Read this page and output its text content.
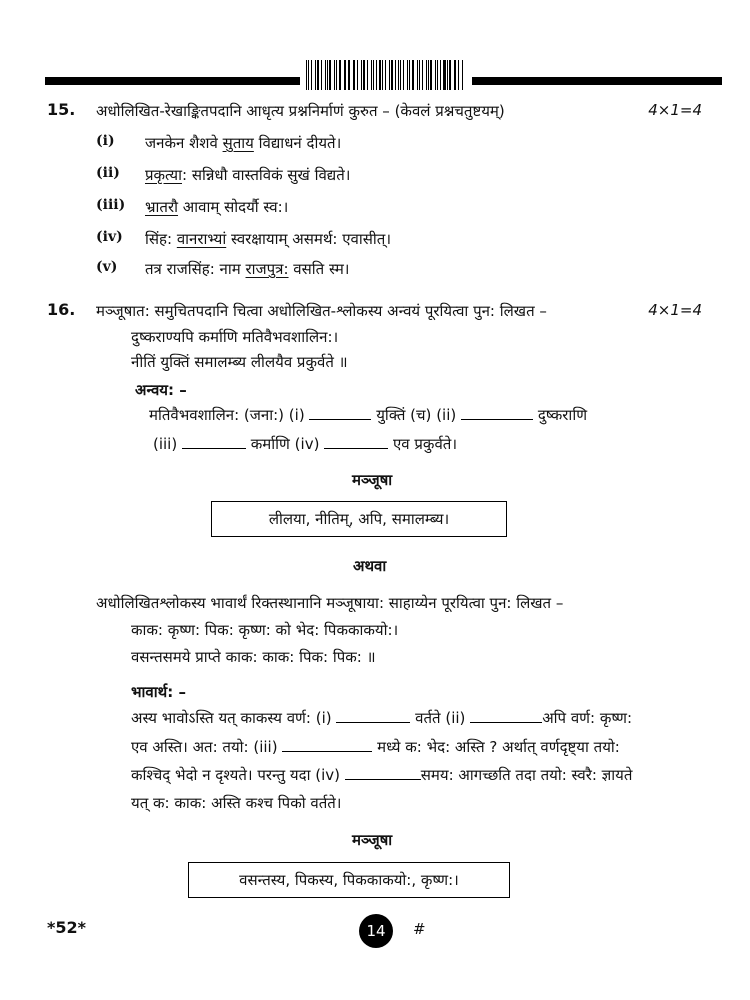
15. अधोलिखित-रेखाङ्कितपदानि आधृत्य प्रश्ननिर्माणं कुरुत – (केवलं प्रश्नचतुष्टयम्)	4×1=4
(i) जनकेन शैशवे सुताय विद्याधनं दीयते।
(ii) प्रकृत्या: सन्निधौ वास्तविकं सुखं विद्यते।
(iii) भ्रातरौ आवाम् सोदर्यौ स्व:।
(iv) सिंह: वानराभ्यां स्वरक्षायाम् असमर्थ: एवासीत्।
(v) तत्र राजसिंह: नाम राजपुत्र: वसति स्म।
16. मञ्जूषात: समुचितपदानि चित्वा अधोलिखित-श्लोकस्य अन्वयं पूरयित्वा पुन: लिखत –	4×1=4
दुष्कराण्यपि कर्माणि मतिवैभवशालिन:।
नीतिं युक्तिं समालम्ब्य लीलयैव प्रकुर्वते ॥
अन्वय: –
मतिवैभवशालिन: (जना:) (i)	युक्तिं (च) (ii)	दुष्कराणि
(iii)	कर्माणि (iv)	एव प्रकुर्वते।
मञ्जूषा
लीलया, नीतिम्, अपि, समालम्ब्य।
अथवा
अधोलिखितश्लोकस्य भावार्थं रिक्तस्थानानि मञ्जूषाया: साहाय्येन पूरयित्वा पुन: लिखत –
काक: कृष्ण: पिक: कृष्ण: को भेद: पिककाकयो:।
वसन्तसमये प्राप्ते काक: काक: पिक: पिक: ॥
भावार्थ: –
अस्य भावोऽस्ति यत् काकस्य वर्ण: (i)	वर्तते (ii)	अपि वर्ण: कृष्ण:
एव अस्ति। अत: तयो: (iii)	मध्ये क: भेद: अस्ति ? अर्थात् वर्णदृष्ट्या तयो:
कश्चिद् भेदो न दृश्यते। परन्तु यदा (iv)	समय: आगच्छति तदा तयो: स्वरै: ज्ञायते
यत् क: काक: अस्ति कश्च पिको वर्तते।
मञ्जूषा
वसन्तस्य, पिकस्य, पिककाकयो:, कृष्ण:।
*52*	14 #
